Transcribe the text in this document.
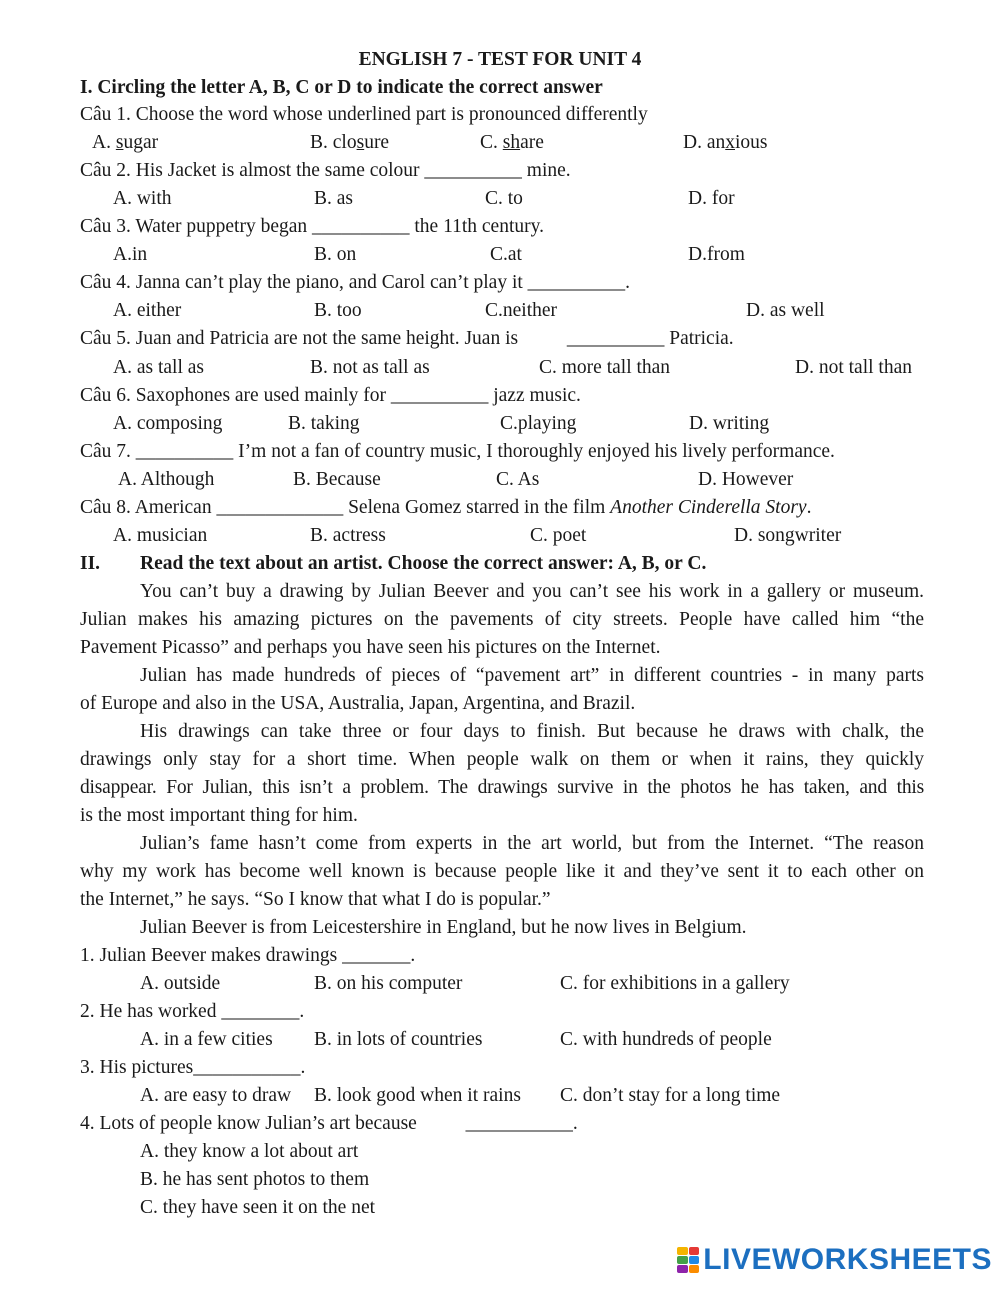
ENGLISH 7 - TEST FOR UNIT 4
I. Circling the letter A, B, C or D to indicate the correct answer
Câu 1. Choose the word whose underlined part is pronounced differently
A. sugar	B. closure	C. share	D. anxious
Câu 2. His Jacket is almost the same colour __________ mine.
A. with	B. as	C. to	D. for
Câu 3. Water puppetry began __________ the 11th century.
A.in	B. on	C.at	D.from
Câu 4. Janna can’t play the piano, and Carol can’t play it __________.
A. either	B. too	C.neither	D. as well
Câu 5. Juan and Patricia are not the same height. Juan is          __________ Patricia.
A. as tall as	B. not as tall as	C. more tall than	D. not tall than
Câu 6. Saxophones are used mainly for __________ jazz music.
A. composing	B. taking	C.playing	D. writing
Câu 7. __________ I’m not a fan of country music, I thoroughly enjoyed his lively performance.
A. Although	B. Because	C. As	D. However
Câu 8. American _____________ Selena Gomez starred in the film Another Cinderella Story.
A. musician	B. actress	C. poet	D. songwriter
II. Read the text about an artist. Choose the correct answer: A, B, or C.
You can’t buy a drawing by Julian Beever and you can’t see his work in a gallery or museum.
Julian makes his amazing pictures on the pavements of city streets. People have called him “the
Pavement Picasso” and perhaps you have seen his pictures on the Internet.
Julian has made hundreds of pieces of “pavement art” in different countries - in many parts
of Europe and also in the USA, Australia, Japan, Argentina, and Brazil.
His drawings can take three or four days to finish. But because he draws with chalk, the
drawings only stay for a short time. When people walk on them or when it rains, they quickly
disappear. For Julian, this isn’t a problem. The drawings survive in the photos he has taken, and this
is the most important thing for him.
Julian’s fame hasn’t come from experts in the art world, but from the Internet. “The reason
why my work has become well known is because people like it and they’ve sent it to each other on
the Internet,” he says. “So I know that what I do is popular.”
Julian Beever is from Leicestershire in England, but he now lives in Belgium.
1. Julian Beever makes drawings _______.
A. outside	B. on his computer	C. for exhibitions in a gallery
2. He has worked ________.
A. in a few cities B. in lots of countries	C. with hundreds of people
3. His pictures___________.
A. are easy to draw B. look good when it rains C. don’t stay for a long time
4. Lots of people know Julian’s art because          ___________.
A. they know a lot about art
B. he has sent photos to them
C. they have seen it on the net
LIVEWORKSHEETS
